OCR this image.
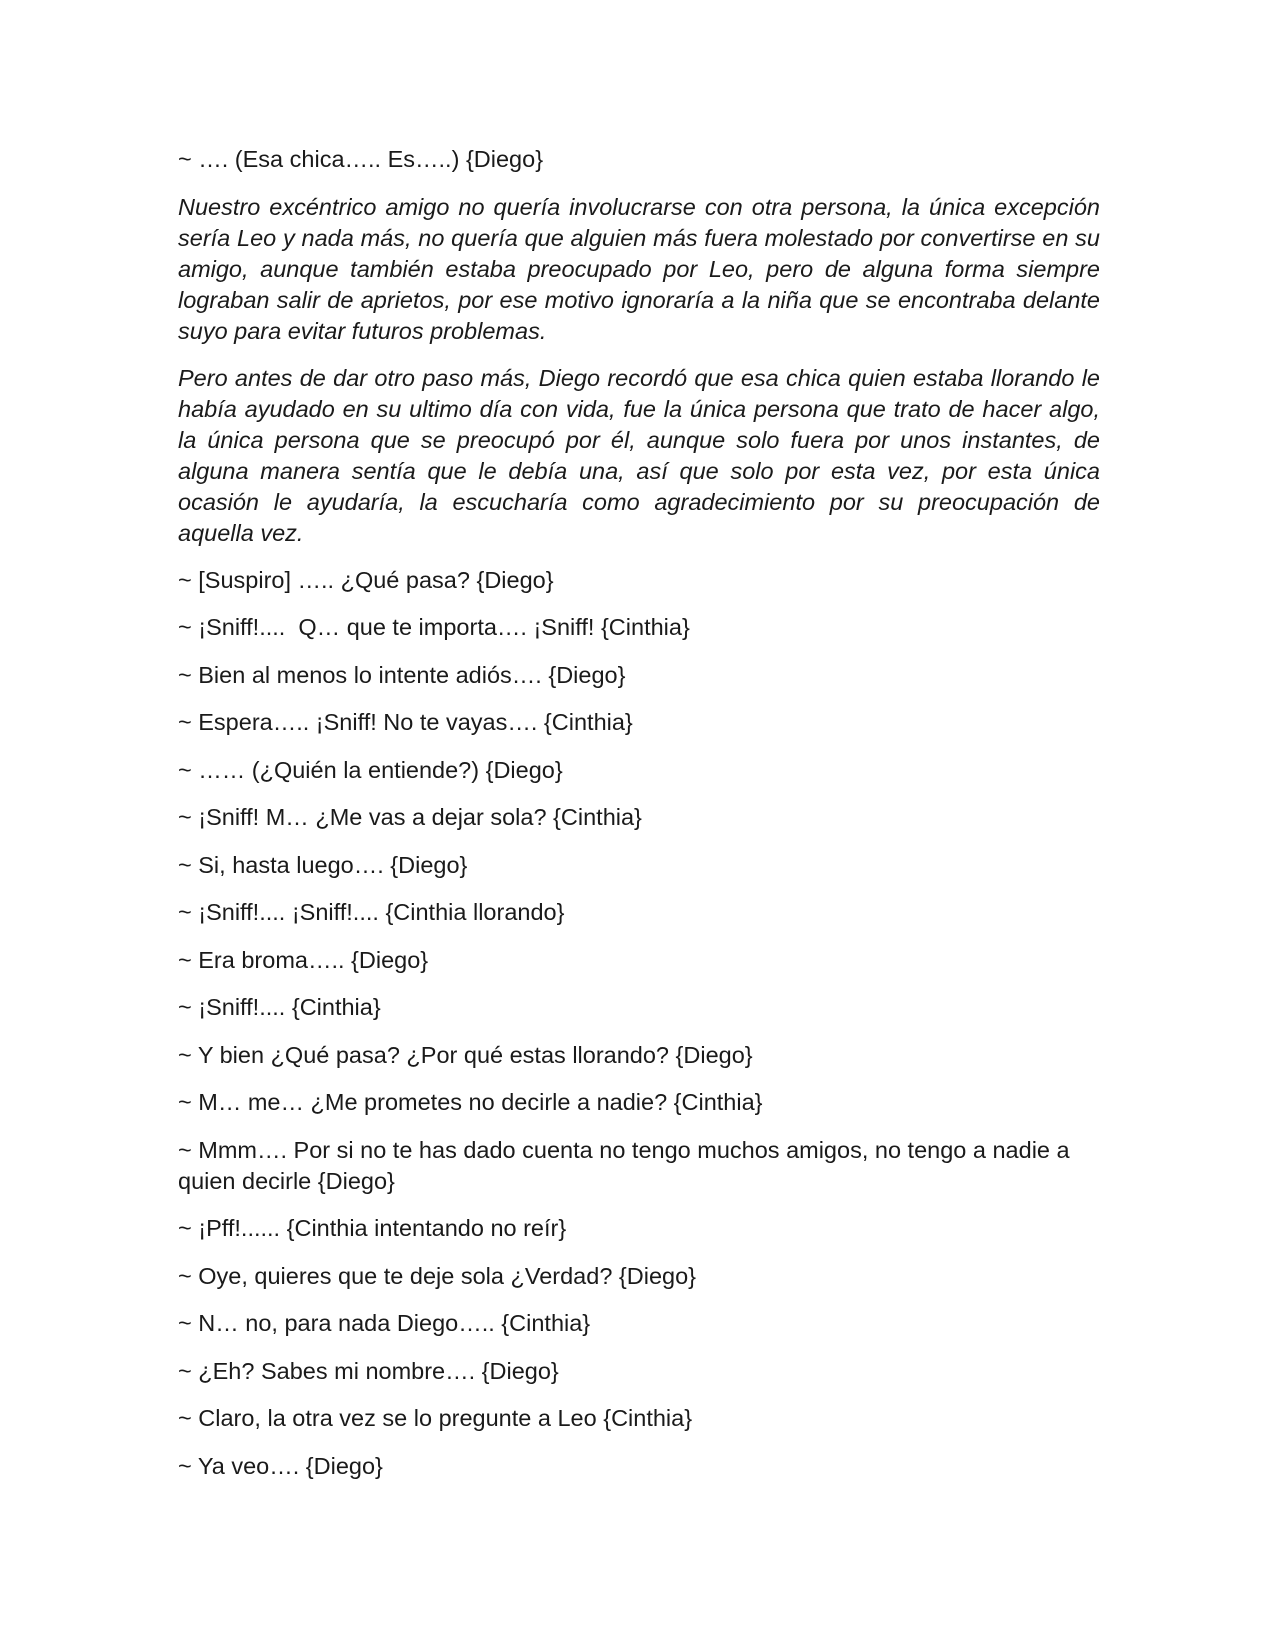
~ …. (Esa chica….. Es…..) {Diego}

Nuestro excéntrico amigo no quería involucrarse con otra persona, la única excepción sería Leo y nada más, no quería que alguien más fuera molestado por convertirse en su amigo, aunque también estaba preocupado por Leo, pero de alguna forma siempre lograban salir de aprietos, por ese motivo ignoraría a la niña que se encontraba delante suyo para evitar futuros problemas.

Pero antes de dar otro paso más, Diego recordó que esa chica quien estaba llorando le había ayudado en su ultimo día con vida, fue la única persona que trato de hacer algo, la única persona que se preocupó por él, aunque solo fuera por unos instantes, de alguna manera sentía que le debía una, así que solo por esta vez, por esta única ocasión le ayudaría, la escucharía como agradecimiento por su preocupación de aquella vez.

~ [Suspiro] ….. ¿Qué pasa? {Diego}

~ ¡Sniff!....  Q… que te importa…. ¡Sniff! {Cinthia}

~ Bien al menos lo intente adiós…. {Diego}

~ Espera….. ¡Sniff! No te vayas…. {Cinthia}

~ …… (¿Quién la entiende?) {Diego}

~ ¡Sniff! M… ¿Me vas a dejar sola? {Cinthia}

~ Si, hasta luego…. {Diego}

~ ¡Sniff!.... ¡Sniff!.... {Cinthia llorando}

~ Era broma….. {Diego}

~ ¡Sniff!.... {Cinthia}

~ Y bien ¿Qué pasa? ¿Por qué estas llorando? {Diego}

~ M… me… ¿Me prometes no decirle a nadie? {Cinthia}

~ Mmm…. Por si no te has dado cuenta no tengo muchos amigos, no tengo a nadie a quien decirle {Diego}

~ ¡Pff!...... {Cinthia intentando no reír}

~ Oye, quieres que te deje sola ¿Verdad? {Diego}

~ N… no, para nada Diego….. {Cinthia}

~ ¿Eh? Sabes mi nombre…. {Diego}

~ Claro, la otra vez se lo pregunte a Leo {Cinthia}

~ Ya veo…. {Diego}
